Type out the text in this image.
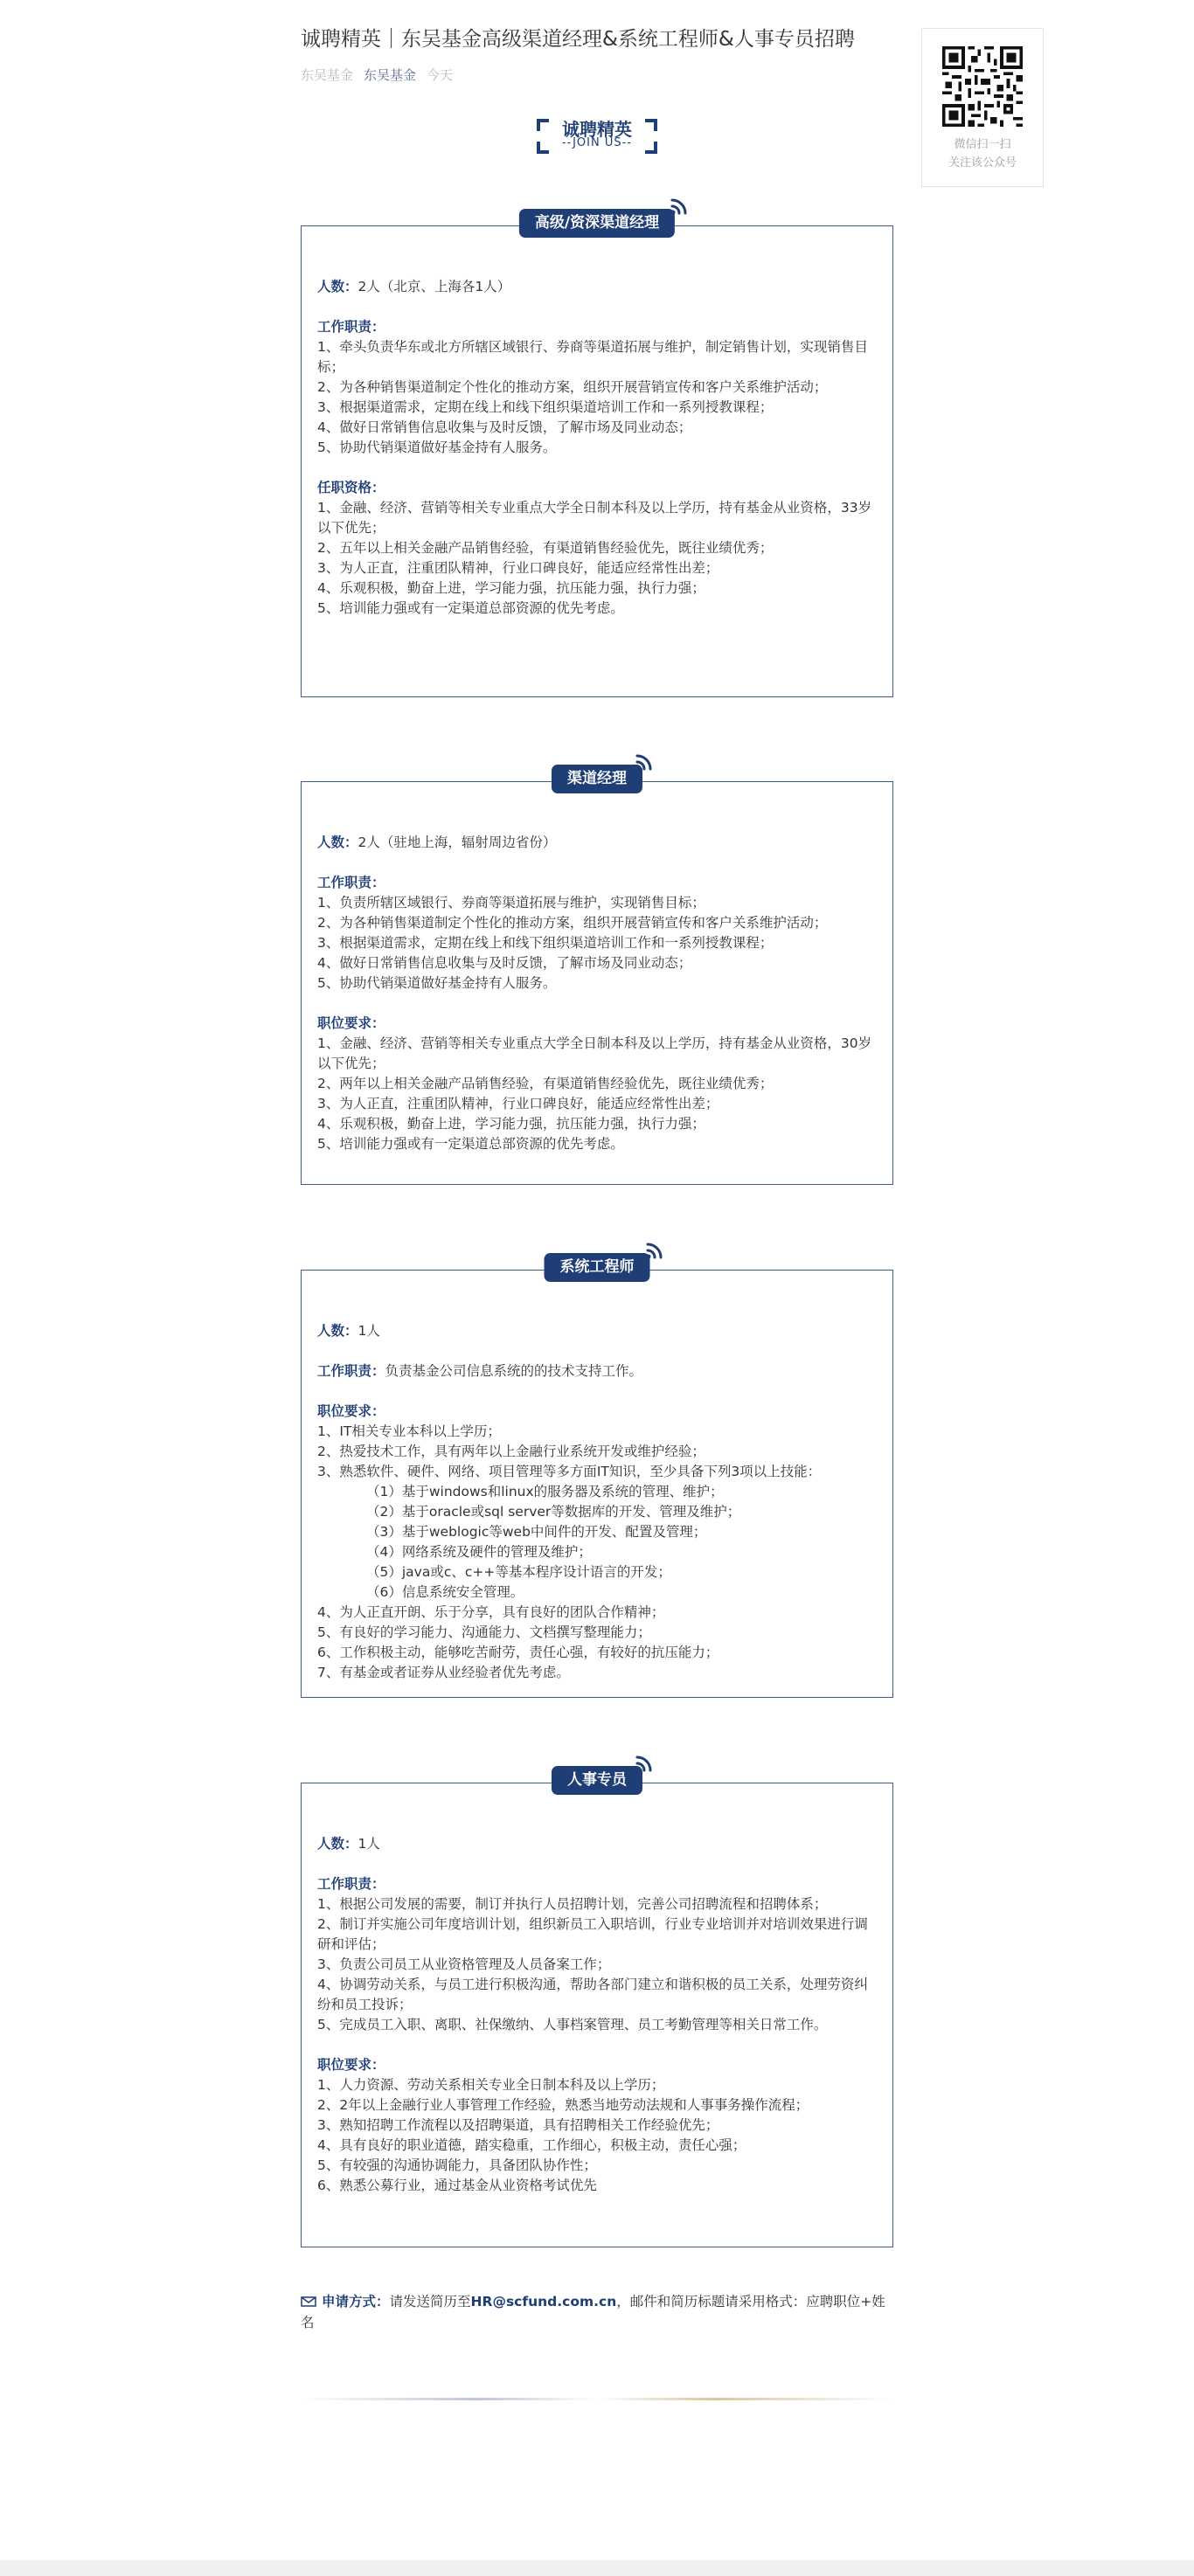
微信扫一扫
关注该公众号
诚聘精英｜东吴基金高级渠道经理&系统工程师&人事专员招聘
东吴基金 东吴基金 今天
诚聘精英
--JOIN US--
高级/资深渠道经理

人数：2人（北京、上海各1人）

工作职责：

1、牵头负责华东或北方所辖区域银行、券商等渠道拓展与维护，制定销售计划，实现销售目标；

2、为各种销售渠道制定个性化的推动方案，组织开展营销宣传和客户关系维护活动；

3、根据渠道需求，定期在线上和线下组织渠道培训工作和一系列授教课程；

4、做好日常销售信息收集与及时反馈，了解市场及同业动态；

5、协助代销渠道做好基金持有人服务。

任职资格：

1、金融、经济、营销等相关专业重点大学全日制本科及以上学历，持有基金从业资格，33岁以下优先；

2、五年以上相关金融产品销售经验，有渠道销售经验优先，既往业绩优秀；

3、为人正直，注重团队精神，行业口碑良好，能适应经常性出差；

4、乐观积极，勤奋上进，学习能力强，抗压能力强，执行力强；

5、培训能力强或有一定渠道总部资源的优先考虑。

渠道经理

人数：2人（驻地上海，辐射周边省份）

工作职责：

1、负责所辖区域银行、券商等渠道拓展与维护，实现销售目标；

2、为各种销售渠道制定个性化的推动方案，组织开展营销宣传和客户关系维护活动；

3、根据渠道需求，定期在线上和线下组织渠道培训工作和一系列授教课程；

4、做好日常销售信息收集与及时反馈，了解市场及同业动态；

5、协助代销渠道做好基金持有人服务。

职位要求：

1、金融、经济、营销等相关专业重点大学全日制本科及以上学历，持有基金从业资格，30岁以下优先；

2、两年以上相关金融产品销售经验，有渠道销售经验优先，既往业绩优秀；

3、为人正直，注重团队精神，行业口碑良好，能适应经常性出差；

4、乐观积极，勤奋上进，学习能力强，抗压能力强，执行力强；

5、培训能力强或有一定渠道总部资源的优先考虑。

系统工程师

人数：1人

工作职责：负责基金公司信息系统的的技术支持工作。

职位要求：

1、IT相关专业本科以上学历；

2、热爱技术工作，具有两年以上金融行业系统开发或维护经验；

3、熟悉软件、硬件、网络、项目管理等多方面IT知识，至少具备下列3项以上技能：

（1）基于windows和linux的服务器及系统的管理、维护；

（2）基于oracle或sql server等数据库的开发、管理及维护；

（3）基于weblogic等web中间件的开发、配置及管理；

（4）网络系统及硬件的管理及维护；

（5）java或c、c++等基本程序设计语言的开发；

（6）信息系统安全管理。

4、为人正直开朗、乐于分享，具有良好的团队合作精神；

5、有良好的学习能力、沟通能力、文档撰写整理能力；

6、工作积极主动，能够吃苦耐劳，责任心强，有较好的抗压能力；

7、有基金或者证券从业经验者优先考虑。

人事专员

人数：1人

工作职责：

1、根据公司发展的需要，制订并执行人员招聘计划，完善公司招聘流程和招聘体系；

2、制订并实施公司年度培训计划，组织新员工入职培训，行业专业培训并对培训效果进行调研和评估；

3、负责公司员工从业资格管理及人员备案工作；

4、协调劳动关系，与员工进行积极沟通，帮助各部门建立和谐积极的员工关系，处理劳资纠纷和员工投诉；

5、完成员工入职、离职、社保缴纳、人事档案管理、员工考勤管理等相关日常工作。

职位要求：

1、人力资源、劳动关系相关专业全日制本科及以上学历；

2、2年以上金融行业人事管理工作经验，熟悉当地劳动法规和人事事务操作流程；

3、熟知招聘工作流程以及招聘渠道，具有招聘相关工作经验优先；

4、具有良好的职业道德，踏实稳重，工作细心，积极主动，责任心强；

5、有较强的沟通协调能力，具备团队协作性；

6、熟悉公募行业，通过基金从业资格考试优先

申请方式：请发送简历至HR@scfund.com.cn，邮件和简历标题请采用格式：应聘职位+姓名
